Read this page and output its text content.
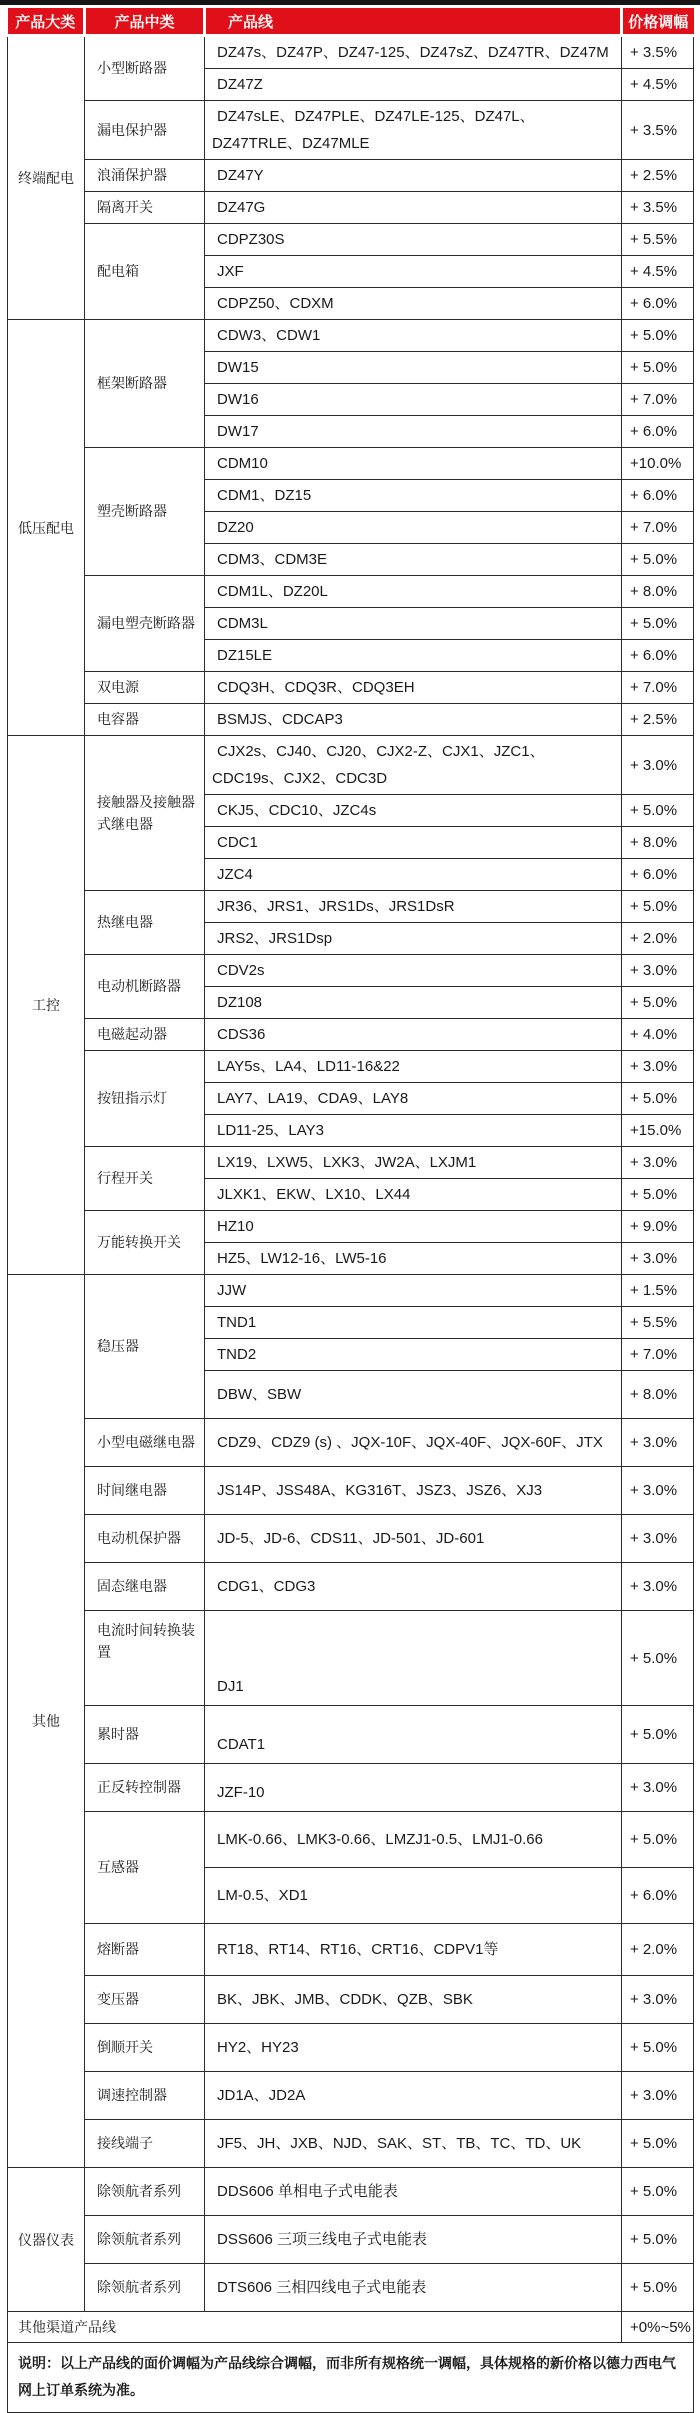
产品大类	产品中类	产品线	价格调幅
终端配电	小型断路器	DZ47s、DZ47P、DZ47-125、DZ47sZ、DZ47TR、DZ47M	+ 3.5%
		DZ47Z	+ 4.5%
	漏电保护器	DZ47sLE、DZ47PLE、DZ47LE-125、DZ47L、DZ47TRLE、DZ47MLE	+ 3.5%
	浪涌保护器	DZ47Y	+ 2.5%
	隔离开关	DZ47G	+ 3.5%
	配电箱	CDPZ30S	+ 5.5%
		JXF	+ 4.5%
		CDPZ50、CDXM	+ 6.0%
低压配电	框架断路器	CDW3、CDW1	+ 5.0%
		DW15	+ 5.0%
		DW16	+ 7.0%
		DW17	+ 6.0%
	塑壳断路器	CDM10	+10.0%
		CDM1、DZ15	+ 6.0%
		DZ20	+ 7.0%
		CDM3、CDM3E	+ 5.0%
	漏电塑壳断路器	CDM1L、DZ20L	+ 8.0%
		CDM3L	+ 5.0%
		DZ15LE	+ 6.0%
	双电源	CDQ3H、CDQ3R、CDQ3EH	+ 7.0%
	电容器	BSMJS、CDCAP3	+ 2.5%
工控	接触器及接触器式继电器	CJX2s、CJ40、CJ20、CJX2-Z、CJX1、JZC1、CDC19s、CJX2、CDC3D	+ 3.0%
		CKJ5、CDC10、JZC4s	+ 5.0%
		CDC1	+ 8.0%
		JZC4	+ 6.0%
	热继电器	JR36、JRS1、JRS1Ds、JRS1DsR	+ 5.0%
		JRS2、JRS1Dsp	+ 2.0%
	电动机断路器	CDV2s	+ 3.0%
		DZ108	+ 5.0%
	电磁起动器	CDS36	+ 4.0%
	按钮指示灯	LAY5s、LA4、LD11-16&22	+ 3.0%
		LAY7、LA19、CDA9、LAY8	+ 5.0%
		LD11-25、LAY3	+15.0%
	行程开关	LX19、LXW5、LXK3、JW2A、LXJM1	+ 3.0%
		JLXK1、EKW、LX10、LX44	+ 5.0%
	万能转换开关	HZ10	+ 9.0%
		HZ5、LW12-16、LW5-16	+ 3.0%
其他	稳压器	JJW	+ 1.5%
		TND1	+ 5.5%
		TND2	+ 7.0%
		DBW、SBW	+ 8.0%
	小型电磁继电器	CDZ9、CDZ9 (s) 、JQX-10F、JQX-40F、JQX-60F、JTX	+ 3.0%
	时间继电器	JS14P、JSS48A、KG316T、JSZ3、JSZ6、XJ3	+ 3.0%
	电动机保护器	JD-5、JD-6、CDS11、JD-501、JD-601	+ 3.0%
	固态继电器	CDG1、CDG3	+ 3.0%
	电流时间转换装置	DJ1	+ 5.0%
	累时器	CDAT1	+ 5.0%
	正反转控制器	JZF-10	+ 3.0%
	互感器	LMK-0.66、LMK3-0.66、LMZJ1-0.5、LMJ1-0.66	+ 5.0%
		LM-0.5、XD1	+ 6.0%
	熔断器	RT18、RT14、RT16、CRT16、CDPV1等	+ 2.0%
	变压器	BK、JBK、JMB、CDDK、QZB、SBK	+ 3.0%
	倒顺开关	HY2、HY23	+ 5.0%
	调速控制器	JD1A、JD2A	+ 3.0%
	接线端子	JF5、JH、JXB、NJD、SAK、ST、TB、TC、TD、UK	+ 5.0%
仪器仪表	除领航者系列	DDS606 单相电子式电能表	+ 5.0%
	除领航者系列	DSS606 三项三线电子式电能表	+ 5.0%
	除领航者系列	DTS606 三相四线电子式电能表	+ 5.0%
其他渠道产品线			+0%~5%
说明：以上产品线的面价调幅为产品线综合调幅，而非所有规格统一调幅，具体规格的新价格以德力西电气网上订单系统为准。			
